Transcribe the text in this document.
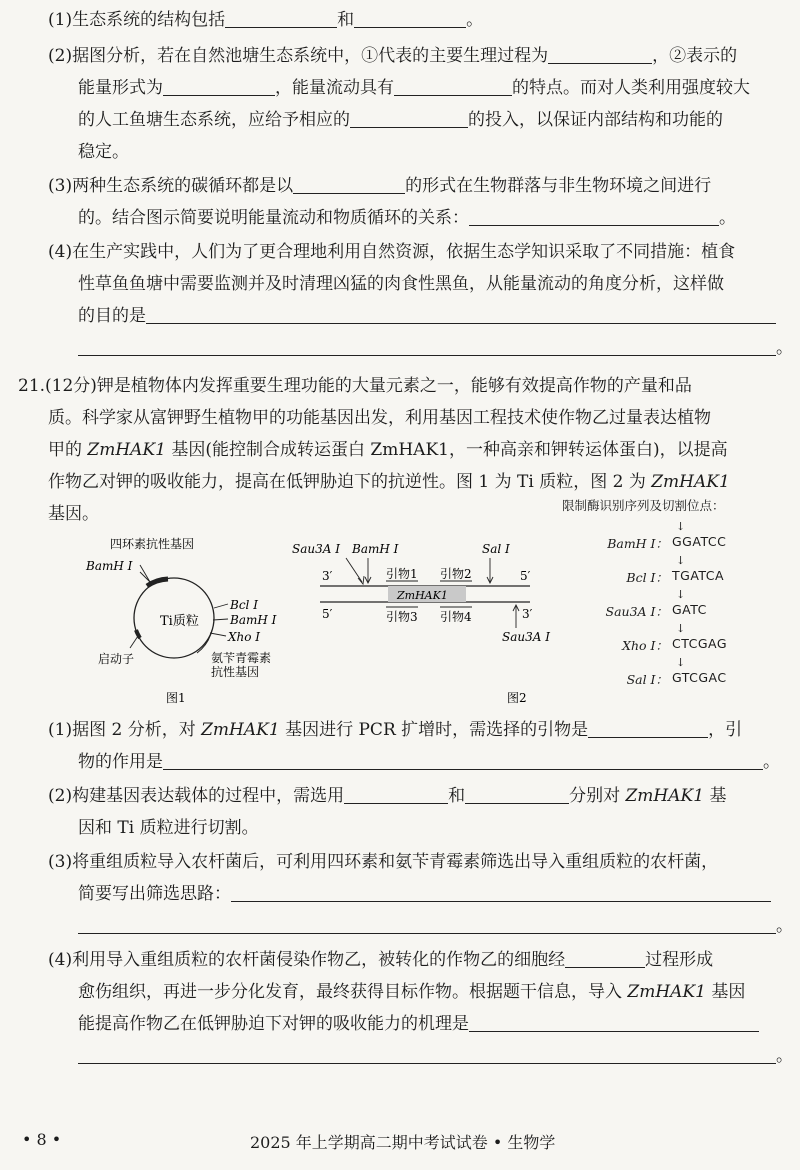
(1)生态系统的结构包括	和	。
(2)据图分析，若在自然池塘生态系统中，①代表的主要生理过程为	，②表示的
能量形式为	，能量流动具有	的特点。而对人类利用强度较大
的人工鱼塘生态系统，应给予相应的	的投入，以保证内部结构和功能的
稳定。
(3)两种生态系统的碳循环都是以	的形式在生物群落与非生物环境之间进行
的。结合图示简要说明能量流动和物质循环的关系：	。
(4)在生产实践中，人们为了更合理地利用自然资源，依据生态学知识采取了不同措施：植食
性草鱼鱼塘中需要监测并及时清理凶猛的肉食性黑鱼，从能量流动的角度分析，这样做
的目的是
。
21.(12分)钾是植物体内发挥重要生理功能的大量元素之一，能够有效提高作物的产量和品
质。科学家从富钾野生植物甲的功能基因出发，利用基因工程技术使作物乙过量表达植物
甲的 ZmHAK1 基因(能控制合成转运蛋白 ZmHAK1，一种高亲和钾转运体蛋白)，以提高
作物乙对钾的吸收能力，提高在低钾胁迫下的抗逆性。图 1 为 Ti 质粒，图 2 为 ZmHAK1
基因。
四环素抗性基因
BamH Ⅰ
Ti质粒
Bcl Ⅰ
BamH Ⅰ
Xho Ⅰ
启动子	氨苄青霉素
抗性基因
图1
ZmHAK1
3′	5′
5′	3′
Sau3A Ⅰ BamH Ⅰ	Sal Ⅰ
引物1 引物2
引物3 引物4
Sau3A Ⅰ
图2
限制酶识别序列及切割位点：
BamH Ⅰ：
↓
GGATCC
Bcl Ⅰ：
↓
TGATCA
Sau3A Ⅰ：
↓
GATC
Xho Ⅰ：
↓
CTCGAG
Sal Ⅰ：
↓
GTCGAC
(1)据图 2 分析，对 ZmHAK1 基因进行 PCR 扩增时，需选择的引物是	，引
物的作用是	。
(2)构建基因表达载体的过程中，需选用	和	分别对 ZmHAK1 基
因和 Ti 质粒进行切割。
(3)将重组质粒导入农杆菌后，可利用四环素和氨苄青霉素筛选出导入重组质粒的农杆菌，
简要写出筛选思路：
。
(4)利用导入重组质粒的农杆菌侵染作物乙，被转化的作物乙的细胞经	过程形成
愈伤组织，再进一步分化发育，最终获得目标作物。根据题干信息，导入 ZmHAK1 基因
能提高作物乙在低钾胁迫下对钾的吸收能力的机理是
。
• 8 •	2025 年上学期高二期中考试试卷 • 生物学
